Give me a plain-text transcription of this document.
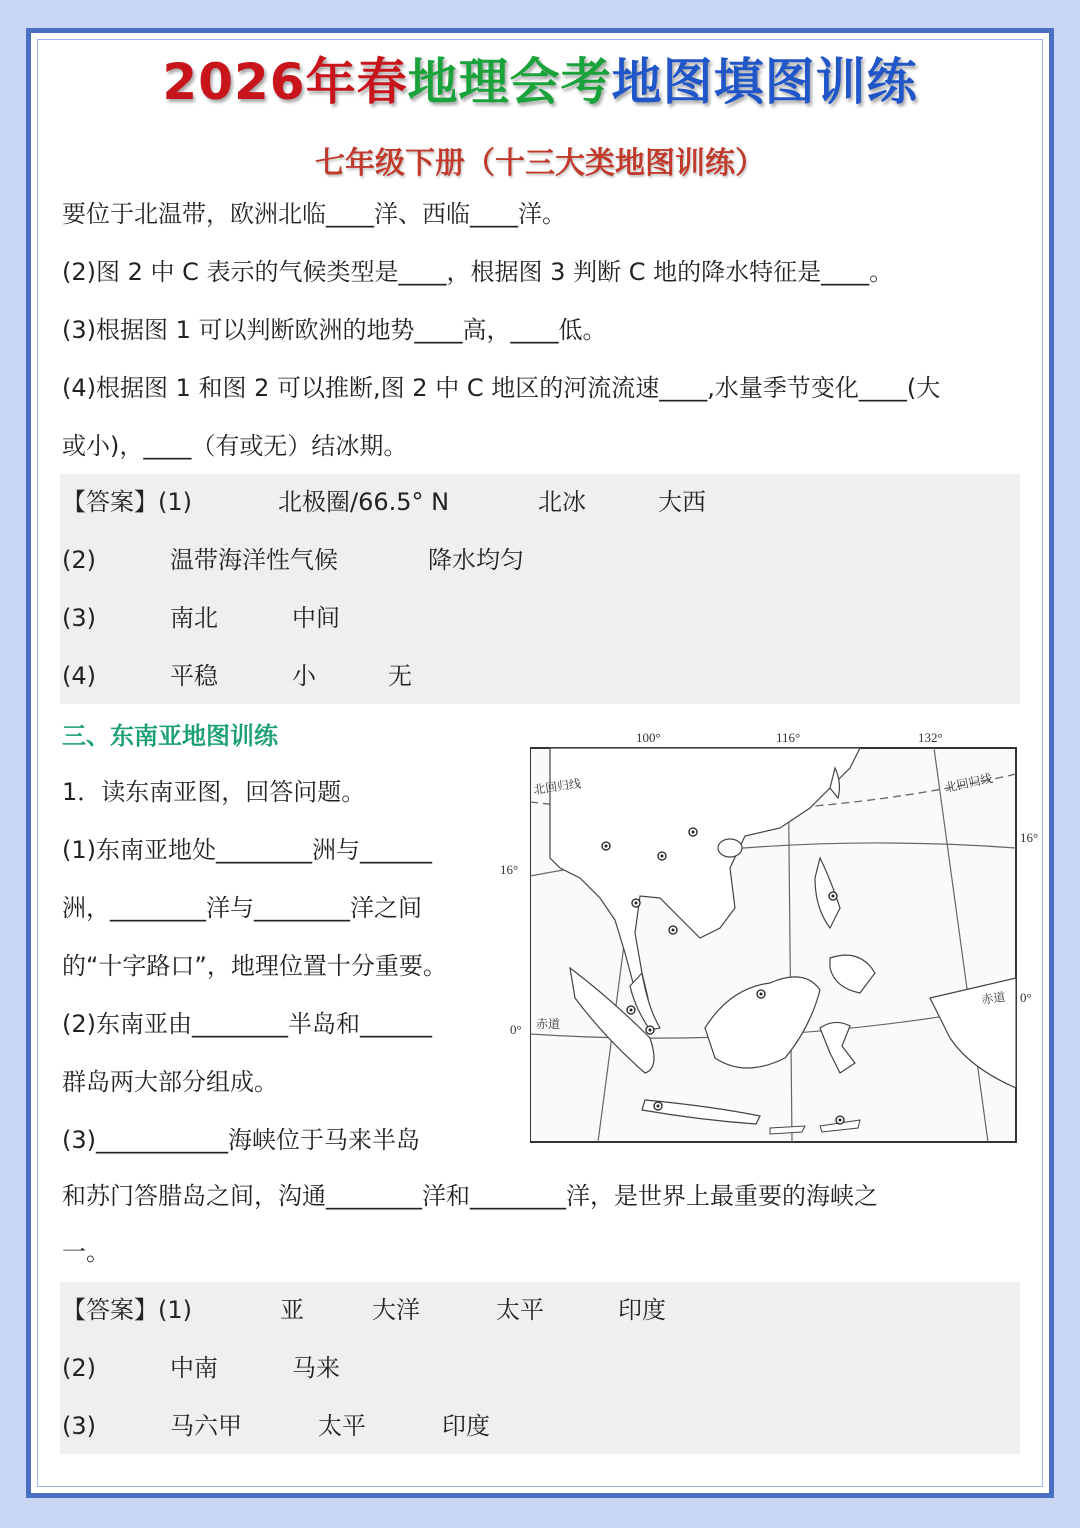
2026年春地理会考地图填图训练
七年级下册（十三大类地图训练）
要位于北温带，欧洲北临____洋、西临____洋。
(2)图 2 中 C 表示的气候类型是____，根据图 3 判断 C 地的降水特征是____。
(3)根据图 1 可以判断欧洲的地势____高，____低。
(4)根据图 1 和图 2 可以推断,图 2 中 C 地区的河流流速____,水量季节变化____(大
或小)，____（有或无）结冰期。
【答案】(1)	北极圈/66.5° N	北冰	大西
(2)	温带海洋性气候	降水均匀
(3)	南北	中间
(4)	平稳	小	无
三、东南亚地图训练
1．读东南亚图，回答问题。
(1)东南亚地处________洲与______
洲，________洋与________洋之间
的“十字路口”，地理位置十分重要。
(2)东南亚由________半岛和______
群岛两大部分组成。
(3)___________海峡位于马来半岛
和苏门答腊岛之间，沟通________洋和________洋，是世界上最重要的海峡之
一。
100°	116°	132°
北回归线	北回归线
赤道
赤道
16°
16°
0°
0°
【答案】(1)	亚	大洋	太平	印度
(2)	中南	马来
(3)	马六甲	太平	印度
